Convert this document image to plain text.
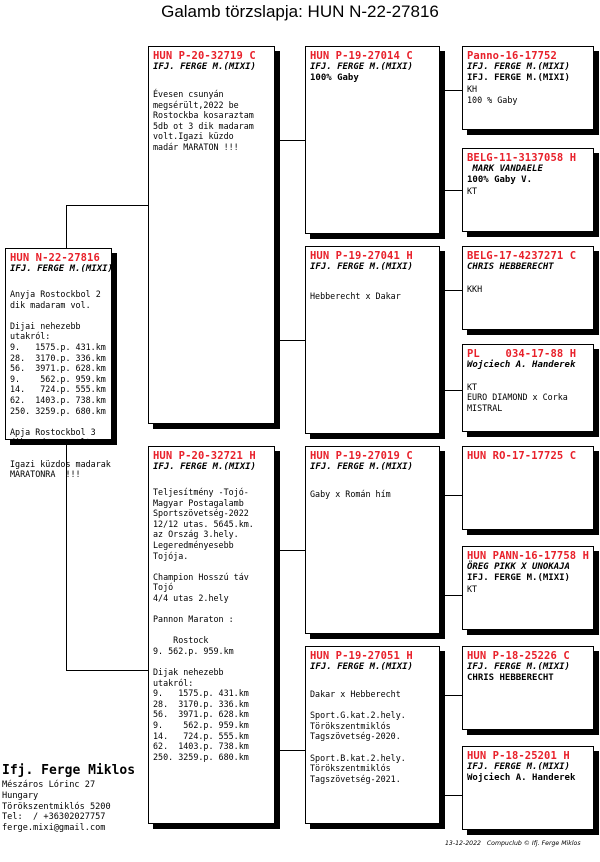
Galamb törzslapja: HUN N-22-27816
HUN N-22-27816
IFJ. FERGE M.(MIXI)
Anyja Rostockbol 2
dik madaram vol.

Dijai nehezebb
utakról:
9.   1575.p. 431.km
28.  3170.p. 336.km
56.  3971.p. 628.km
9.    562.p. 959.km
14.   724.p. 555.km
62.  1403.p. 738.km
250. 3259.p. 680.km

Apja Rostockbol 3
dik madaram volt.

Igazi küzdos madarak
MARATONRA  !!!
HUN P-20-32719 C
IFJ. FERGE M.(MIXI)
Évesen csunyán
megsérült,2022 be
Rostockba kosaraztam
5db ot 3 dik madaram
volt.Igazi küzdo
madár MARATON !!!
HUN P-20-32721 H
IFJ. FERGE M.(MIXI)
Teljesítmény -Tojó-
Magyar Postagalamb
Sportszövetség-2022
12/12 utas. 5645.km.
az Ország 3.hely.
Legeredményesebb
Tojója.

Champion Hosszú táv
Tojó
4/4 utas 2.hely

Pannon Maraton :

Rostock
9. 562.p. 959.km

Dijak nehezebb
utakról:
9.   1575.p. 431.km
28.  3170.p. 336.km
56.  3971.p. 628.km
9.    562.p. 959.km
14.   724.p. 555.km
62.  1403.p. 738.km
250. 3259.p. 680.km
HUN P-19-27014 C
IFJ. FERGE M.(MIXI)
100% Gaby
HUN P-19-27041 H
IFJ. FERGE M.(MIXI)
Hebberecht x Dakar
HUN P-19-27019 C
IFJ. FERGE M.(MIXI)
Gaby x Román hím
HUN P-19-27051 H
IFJ. FERGE M.(MIXI)
Dakar x Hebberecht

Sport.G.kat.2.hely.
Törökszentmiklós
Tagszövetség-2020.

Sport.B.kat.2.hely.
Törökszentmiklós
Tagszövetség-2021.
Panno-16-17752
IFJ. FERGE M.(MIXI)
IFJ. FERGE M.(MIXI)
KH
100 % Gaby
BELG-11-3137058 H
MARK VANDAELE
100% Gaby V.
KT
BELG-17-4237271 C
CHRIS HEBBERECHT

KKH
PL    034-17-88 H
Wojciech A. Handerek

KT
EURO DIAMOND x Corka
MISTRAL
HUN RO-17-17725 C
HUN PANN-16-17758 H
ÖREG PIKK X UNOKAJA
IFJ. FERGE M.(MIXI)
KT
HUN P-18-25226 C
IFJ. FERGE M.(MIXI)
CHRIS HEBBERECHT
HUN P-18-25201 H
IFJ. FERGE M.(MIXI)
Wojciech A. Handerek
Ifj. Ferge Miklos
Mészáros Lórinc 27
Hungary
Törökszentmiklós 5200
Tel:  / +36302027757
ferge.mixi@gmail.com
13-12-2022   Compuclub © Ifj. Ferge Miklos
